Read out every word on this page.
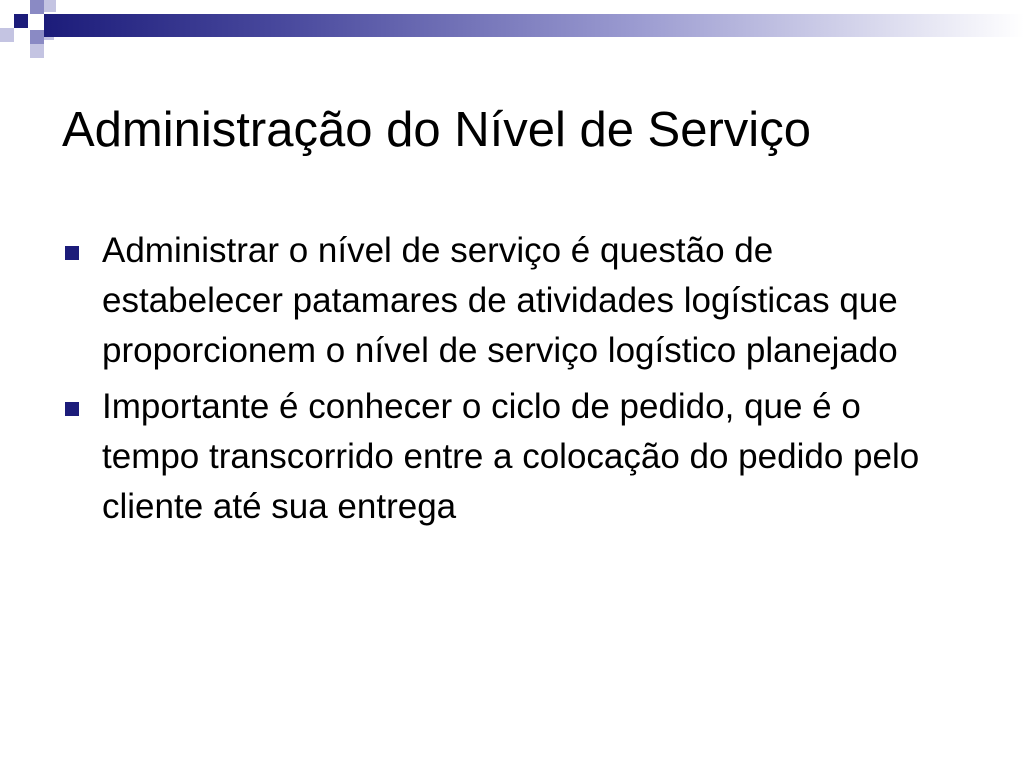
Administração do Nível de Serviço
Administrar o nível de serviço é questão de estabelecer patamares de atividades logísticas que proporcionem o nível de serviço logístico planejado
Importante é conhecer o ciclo de pedido, que é o tempo transcorrido entre a colocação do pedido pelo cliente até sua entrega
